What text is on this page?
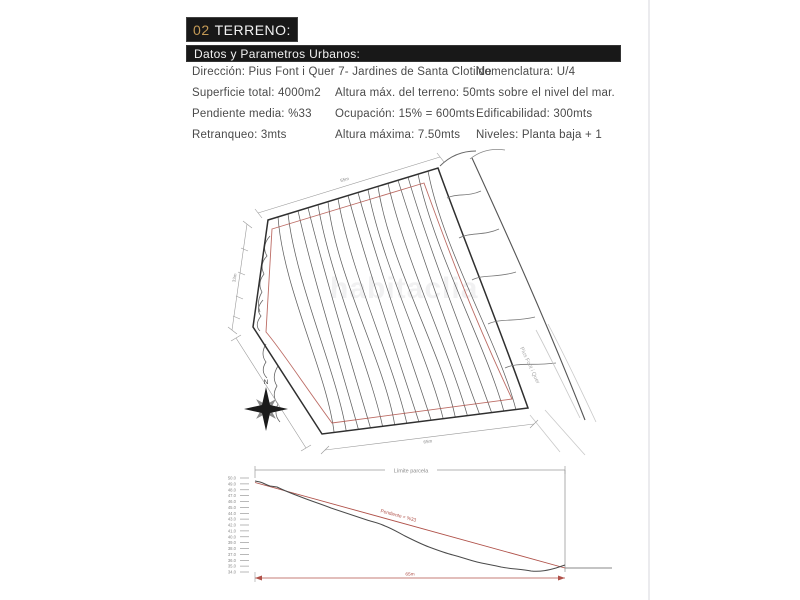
02 TERRENO:
Datos y Parametros Urbanos:
Dirección: Pius Font i Quer 7- Jardines de Santa Clotilde
Nomenclatura: U/4
Superficie total: 4000m2 Altura máx. del terreno: 50mts sobre el nivel del mar.
Pendiente media: %33 Ocupación: 15% = 600mts Edificabilidad: 300mts
Retranqueo: 3mts	Altura máxima: 7.50mts Niveles: Planta baja + 1
habitaclia
Pius Font i Quer
55m
33m
65m
N
50.0
49.0
48.0
47.0
46.0
45.0
44.0
43.0
42.0
41.0
40.0
39.0
38.0
37.0
36.0
35.0
34.0
Límite parcela
Pendiente = %33
65m
